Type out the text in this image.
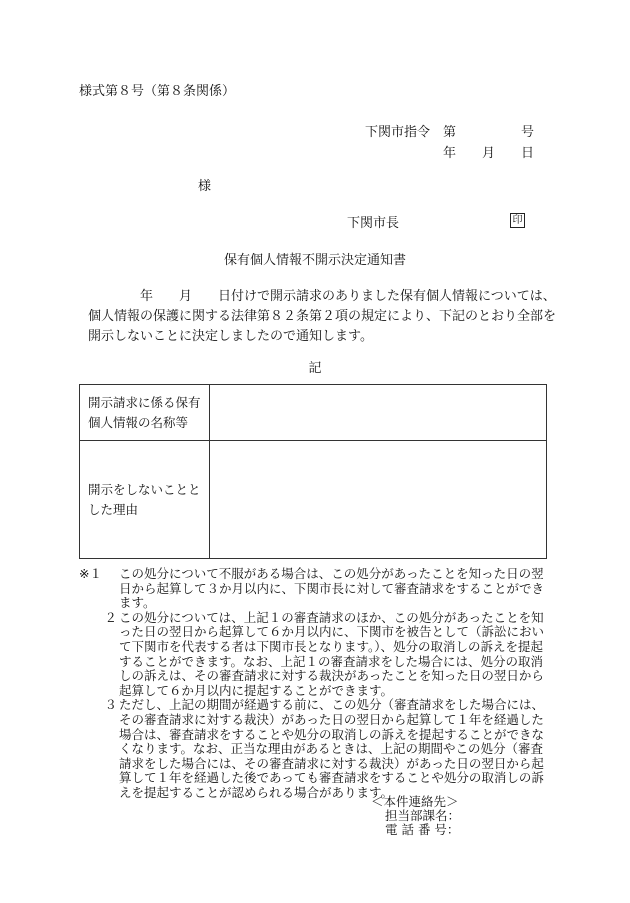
様式第８号（第８条関係）
下関市指令　第　　　　　号
年　　月　　日
様
下関市長	印
保有個人情報不開示決定通知書
　　　　年　　月　　日付けで開示請求のありました保有個人情報については、個人情報の保護に関する法律第８２条第２項の規定により、下記のとおり全部を開示しないことに決定しましたので通知します。
記
開示請求に係る保有個人情報の名称等	
開示をしないこととした理由	
※１	この処分について不服がある場合は、この処分があったことを知った日の翌日から起算して３か月以内に、下関市長に対して審査請求をすることができます。
２ この処分については、上記１の審査請求のほか、この処分があったことを知った日の翌日から起算して６か月以内に、下関市を被告として（訴訟において下関市を代表する者は下関市長となります。）、処分の取消しの訴えを提起することができます。なお、上記１の審査請求をした場合には、処分の取消しの訴えは、その審査請求に対する裁決があったことを知った日の翌日から起算して６か月以内に提起することができます。
３ ただし、上記の期間が経過する前に、この処分（審査請求をした場合には、その審査請求に対する裁決）があった日の翌日から起算して１年を経過した場合は、審査請求をすることや処分の取消しの訴えを提起することができなくなります。なお、正当な理由があるときは、上記の期間やこの処分（審査請求をした場合には、その審査請求に対する裁決）があった日の翌日から起算して１年を経過した後であっても審査請求をすることや処分の取消しの訴えを提起することが認められる場合があります。
＜本件連絡先＞
担当部課名：
電 話 番 号：
